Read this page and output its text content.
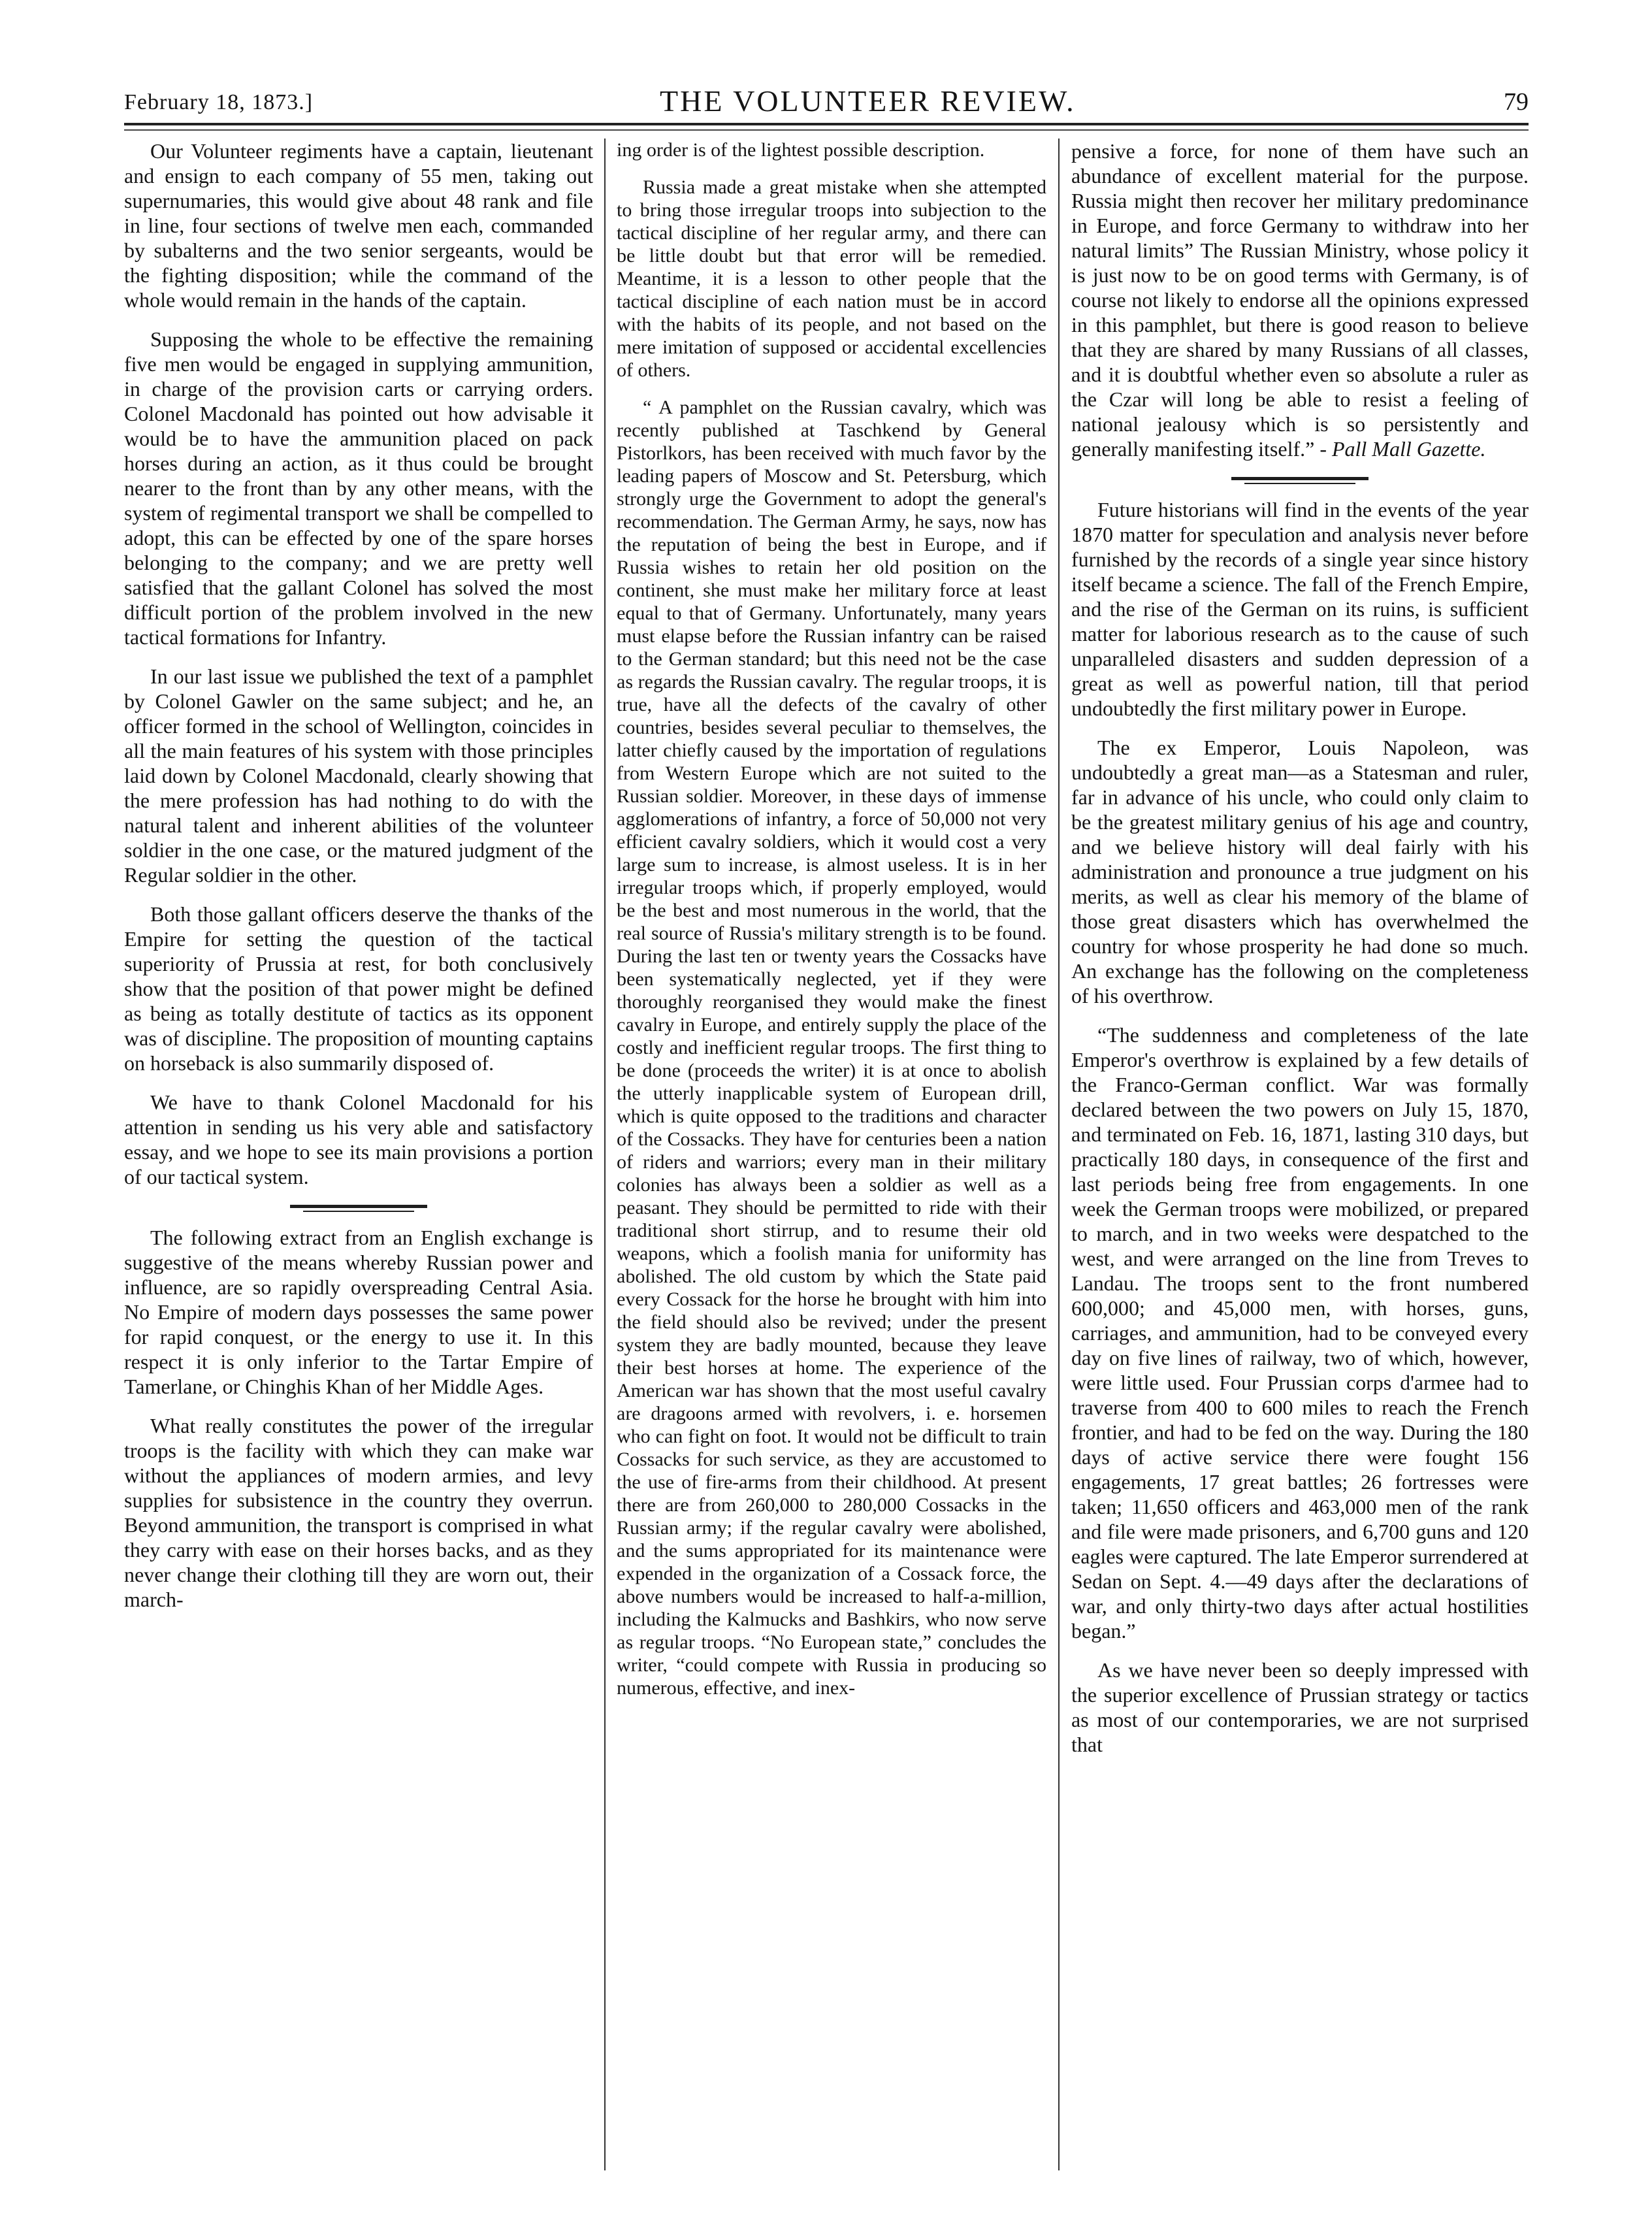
February 18, 1873.]	THE VOLUNTEER REVIEW.	79

Our Volunteer regiments have a captain, lieutenant and ensign to each company of 55 men, taking out supernumaries, this would give about 48 rank and file in line, four sections of twelve men each, commanded by subalterns and the two senior sergeants, would be the fighting disposition; while the command of the whole would remain in the hands of the captain.

Supposing the whole to be effective the remaining five men would be engaged in supplying ammunition, in charge of the provision carts or carrying orders. Colonel Macdonald has pointed out how advisable it would be to have the ammunition placed on pack horses during an action, as it thus could be brought nearer to the front than by any other means, with the system of regimental transport we shall be compelled to adopt, this can be effected by one of the spare horses belonging to the company; and we are pretty well satisfied that the gallant Colonel has solved the most difficult portion of the problem involved in the new tactical formations for Infantry.

In our last issue we published the text of a pamphlet by Colonel Gawler on the same subject; and he, an officer formed in the school of Wellington, coincides in all the main features of his system with those principles laid down by Colonel Macdonald, clearly showing that the mere profession has had nothing to do with the natural talent and inherent abilities of the volunteer soldier in the one case, or the matured judgment of the Regular soldier in the other.

Both those gallant officers deserve the thanks of the Empire for setting the question of the tactical superiority of Prussia at rest, for both conclusively show that the position of that power might be defined as being as totally destitute of tactics as its opponent was of discipline. The proposition of mounting captains on horseback is also summarily disposed of.

We have to thank Colonel Macdonald for his attention in sending us his very able and satisfactory essay, and we hope to see its main provisions a portion of our tactical system.

The following extract from an English exchange is suggestive of the means whereby Russian power and influence, are so rapidly overspreading Central Asia. No Empire of modern days possesses the same power for rapid conquest, or the energy to use it. In this respect it is only inferior to the Tartar Empire of Tamerlane, or Chinghis Khan of her Middle Ages.

What really constitutes the power of the irregular troops is the facility with which they can make war without the appliances of modern armies, and levy supplies for subsistence in the country they overrun. Beyond ammunition, the transport is comprised in what they carry with ease on their horses backs, and as they never change their clothing till they are worn out, their march-

ing order is of the lightest possible description.

Russia made a great mistake when she attempted to bring those irregular troops into subjection to the tactical discipline of her regular army, and there can be little doubt but that error will be remedied. Meantime, it is a lesson to other people that the tactical discipline of each nation must be in accord with the habits of its people, and not based on the mere imitation of supposed or accidental excellencies of others.

“ A pamphlet on the Russian cavalry, which was recently published at Taschkend by General Pistorlkors, has been received with much favor by the leading papers of Moscow and St. Petersburg, which strongly urge the Government to adopt the general's recommendation. The German Army, he says, now has the reputation of being the best in Europe, and if Russia wishes to retain her old position on the continent, she must make her military force at least equal to that of Germany. Unfortunately, many years must elapse before the Russian infantry can be raised to the German standard; but this need not be the case as regards the Russian cavalry. The regular troops, it is true, have all the defects of the cavalry of other countries, besides several peculiar to themselves, the latter chiefly caused by the importation of regulations from Western Europe which are not suited to the Russian soldier. Moreover, in these days of immense agglomerations of infantry, a force of 50,000 not very efficient cavalry soldiers, which it would cost a very large sum to increase, is almost useless. It is in her irregular troops which, if properly employed, would be the best and most numerous in the world, that the real source of Russia's military strength is to be found. During the last ten or twenty years the Cossacks have been systematically neglected, yet if they were thoroughly reorganised they would make the finest cavalry in Europe, and entirely supply the place of the costly and inefficient regular troops. The first thing to be done (proceeds the writer) it is at once to abolish the utterly inapplicable system of European drill, which is quite opposed to the traditions and character of the Cossacks. They have for centuries been a nation of riders and warriors; every man in their military colonies has always been a soldier as well as a peasant. They should be permitted to ride with their traditional short stirrup, and to resume their old weapons, which a foolish mania for uniformity has abolished. The old custom by which the State paid every Cossack for the horse he brought with him into the field should also be revived; under the present system they are badly mounted, because they leave their best horses at home. The experience of the American war has shown that the most useful cavalry are dragoons armed with revolvers, i. e. horsemen who can fight on foot. It would not be difficult to train Cossacks for such service, as they are accustomed to the use of fire-arms from their childhood. At present there are from 260,000 to 280,000 Cossacks in the Russian army; if the regular cavalry were abolished, and the sums appropriated for its maintenance were expended in the organization of a Cossack force, the above numbers would be increased to half-a-million, including the Kalmucks and Bashkirs, who now serve as regular troops. “No European state,” concludes the writer, “could compete with Russia in producing so numerous, effective, and inex-

pensive a force, for none of them have such an abundance of excellent material for the purpose. Russia might then recover her military predominance in Europe, and force Germany to withdraw into her natural limits” The Russian Ministry, whose policy it is just now to be on good terms with Germany, is of course not likely to endorse all the opinions expressed in this pamphlet, but there is good reason to believe that they are shared by many Russians of all classes, and it is doubtful whether even so absolute a ruler as the Czar will long be able to resist a feeling of national jealousy which is so persistently and generally manifesting itself.” - Pall Mall Gazette.

Future historians will find in the events of the year 1870 matter for speculation and analysis never before furnished by the records of a single year since history itself became a science. The fall of the French Empire, and the rise of the German on its ruins, is sufficient matter for laborious research as to the cause of such unparalleled disasters and sudden depression of a great as well as powerful nation, till that period undoubtedly the first military power in Europe.

The ex Emperor, Louis Napoleon, was undoubtedly a great man—as a Statesman and ruler, far in advance of his uncle, who could only claim to be the greatest military genius of his age and country, and we believe history will deal fairly with his administration and pronounce a true judgment on his merits, as well as clear his memory of the blame of those great disasters which has overwhelmed the country for whose prosperity he had done so much. An exchange has the following on the completeness of his overthrow.

“The suddenness and completeness of the late Emperor's overthrow is explained by a few details of the Franco-German conflict. War was formally declared between the two powers on July 15, 1870, and terminated on Feb. 16, 1871, lasting 310 days, but practically 180 days, in consequence of the first and last periods being free from engagements. In one week the German troops were mobilized, or prepared to march, and in two weeks were despatched to the west, and were arranged on the line from Treves to Landau. The troops sent to the front numbered 600,000; and 45,000 men, with horses, guns, carriages, and ammunition, had to be conveyed every day on five lines of railway, two of which, however, were little used. Four Prussian corps d'armee had to traverse from 400 to 600 miles to reach the French frontier, and had to be fed on the way. During the 180 days of active service there were fought 156 engagements, 17 great battles; 26 fortresses were taken; 11,650 officers and 463,000 men of the rank and file were made prisoners, and 6,700 guns and 120 eagles were captured. The late Emperor surrendered at Sedan on Sept. 4.—49 days after the declarations of war, and only thirty-two days after actual hostilities began.”

As we have never been so deeply impressed with the superior excellence of Prussian strategy or tactics as most of our contemporaries, we are not surprised that
